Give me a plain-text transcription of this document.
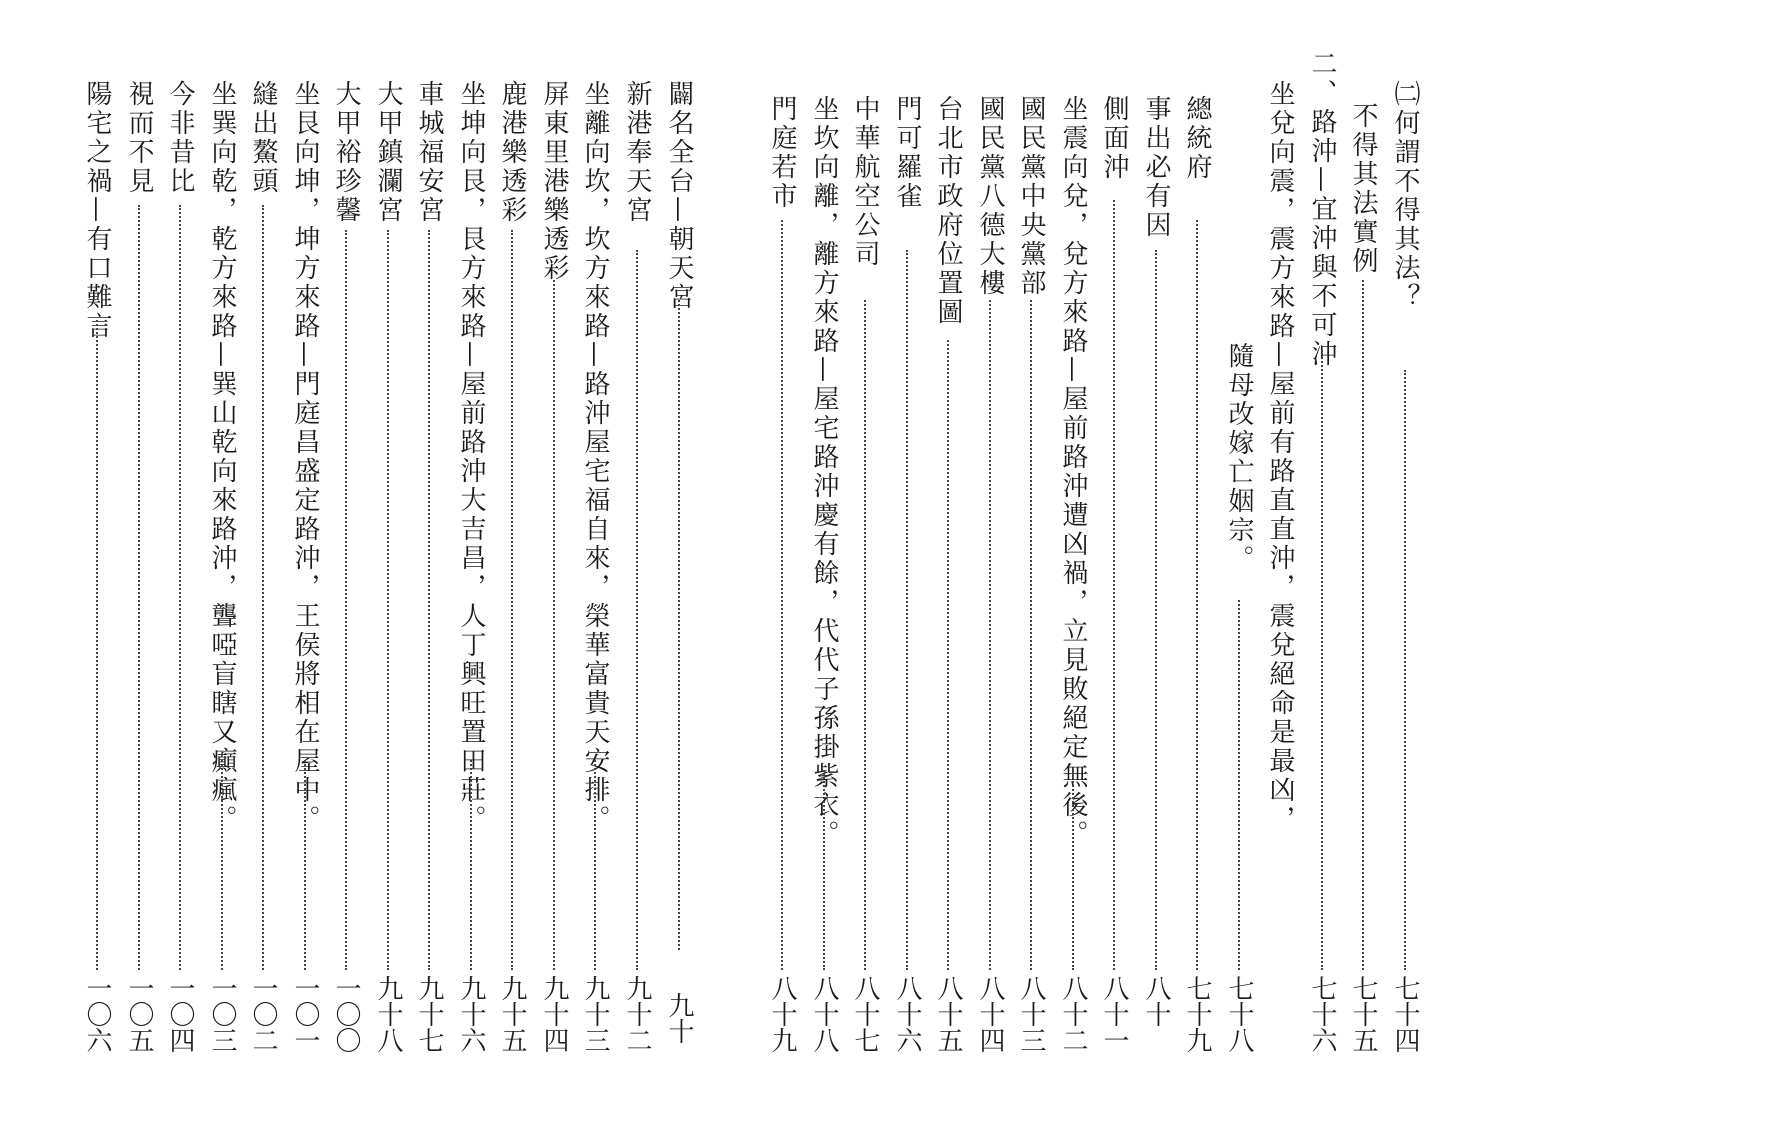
㈡何謂不得其法？
七十四
不得其法實例
七十五
二、路沖—宜沖與不可沖
七十六
坐兌向震，震方來路—屋前有路直直沖，震兌絕命是最凶，
隨母改嫁亡姻宗。
七十八
總統府
七十九
事出必有因
八十
側面沖
八十一
坐震向兌，兌方來路—屋前路沖遭凶禍，立見敗絕定無後。
八十二
國民黨中央黨部
八十三
國民黨八德大樓
八十四
台北市政府位置圖
八十五
門可羅雀
八十六
中華航空公司
八十七
坐坎向離，離方來路—屋宅路沖慶有餘，代代子孫掛紫衣。
八十八
門庭若市
八十九
闢名全台—朝天宮
九十
新港奉天宮
九十二
坐離向坎，坎方來路—路沖屋宅福自來，榮華富貴天安排。
九十三
屏東里港樂透彩
九十四
鹿港樂透彩
九十五
坐坤向艮，艮方來路—屋前路沖大吉昌，人丁興旺置田莊。
九十六
車城福安宮
九十七
大甲鎮瀾宮
九十八
大甲裕珍馨
一〇〇
坐艮向坤，坤方來路—門庭昌盛定路沖，王侯將相在屋中。
一〇一
縫出鰲頭
一〇二
坐巽向乾，乾方來路—巽山乾向來路沖，聾啞盲瞎又癲瘋。
一〇三
今非昔比
一〇四
視而不見
一〇五
陽宅之禍—有口難言
一〇六
